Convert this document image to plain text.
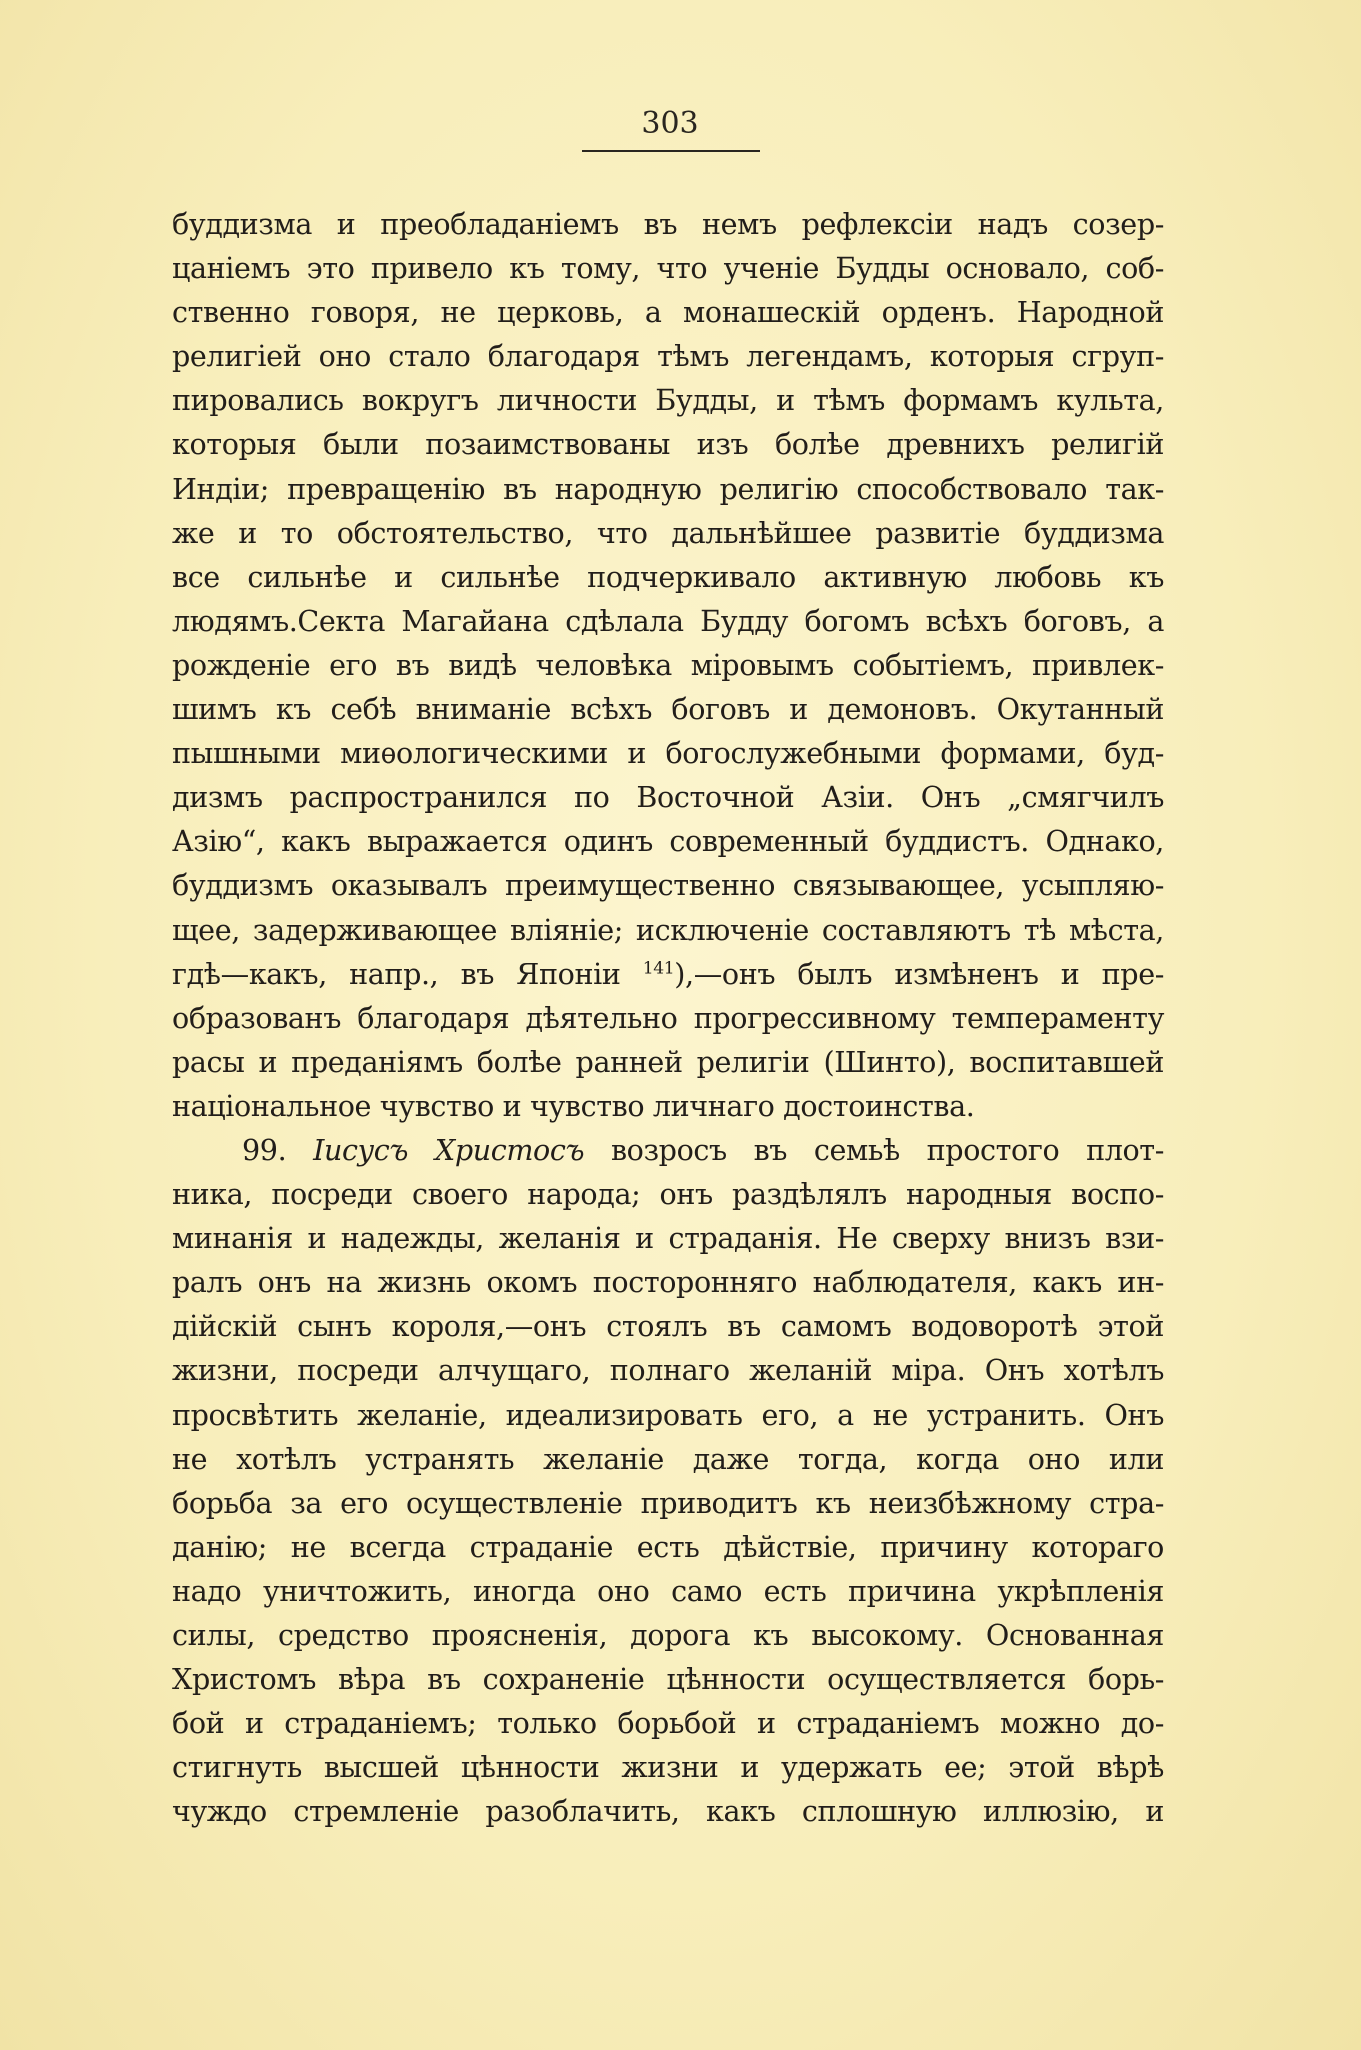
303
буддизма и преобладаніемъ въ немъ рефлексіи надъ созер-
цаніемъ это привело къ тому, что ученіе Будды основало, соб-
ственно говоря, не церковь, а монашескій орденъ. Народной
религіей оно стало благодаря тѣмъ легендамъ, которыя сгруп-
пировались вокругъ личности Будды, и тѣмъ формамъ культа,
которыя были позаимствованы изъ болѣе древнихъ религій
Индіи; превращенію въ народную религію способствовало так-
же и то обстоятельство, что дальнѣйшее развитіе буддизма
все сильнѣе и сильнѣе подчеркивало активную любовь къ
людямъ.Секта Магайана сдѣлала Будду богомъ всѣхъ боговъ, а
рожденіе его въ видѣ человѣка міровымъ событіемъ, привлек-
шимъ къ себѣ вниманіе всѣхъ боговъ и демоновъ. Окутанный
пышными миѳологическими и богослужебными формами, буд-
дизмъ распространился по Восточной Азіи. Онъ „смягчилъ
Азію“, какъ выражается одинъ современный буддистъ. Однако,
буддизмъ оказывалъ преимущественно связывающее, усыпляю-
щее, задерживающее вліяніе; исключеніе составляютъ тѣ мѣста,
гдѣ—какъ, напр., въ Японіи $^{141}$),—онъ былъ измѣненъ и пре-
образованъ благодаря дѣятельно прогрессивному темпераменту
расы и преданіямъ болѣе ранней религіи (Шинто), воспитавшей
національное чувство и чувство личнаго достоинства.
99. Іисусъ Христосъ возросъ въ семьѣ простого плот-
ника, посреди своего народа; онъ раздѣлялъ народныя воспо-
минанія и надежды, желанія и страданія. Не сверху внизъ взи-
ралъ онъ на жизнь окомъ посторонняго наблюдателя, какъ ин-
дійскій сынъ короля,—онъ стоялъ въ самомъ водоворотѣ этой
жизни, посреди алчущаго, полнаго желаній міра. Онъ хотѣлъ
просвѣтить желаніе, идеализировать его, а не устранить. Онъ
не хотѣлъ устранять желаніе даже тогда, когда оно или
борьба за его осуществленіе приводитъ къ неизбѣжному стра-
данію; не всегда страданіе есть дѣйствіе, причину котораго
надо уничтожить, иногда оно само есть причина укрѣпленія
силы, средство проясненія, дорога къ высокому. Основанная
Христомъ вѣра въ сохраненіе цѣнности осуществляется борь-
бой и страданіемъ; только борьбой и страданіемъ можно до-
стигнуть высшей цѣнности жизни и удержать ее; этой вѣрѣ
чуждо стремленіе разоблачить, какъ сплошную иллюзію, и
